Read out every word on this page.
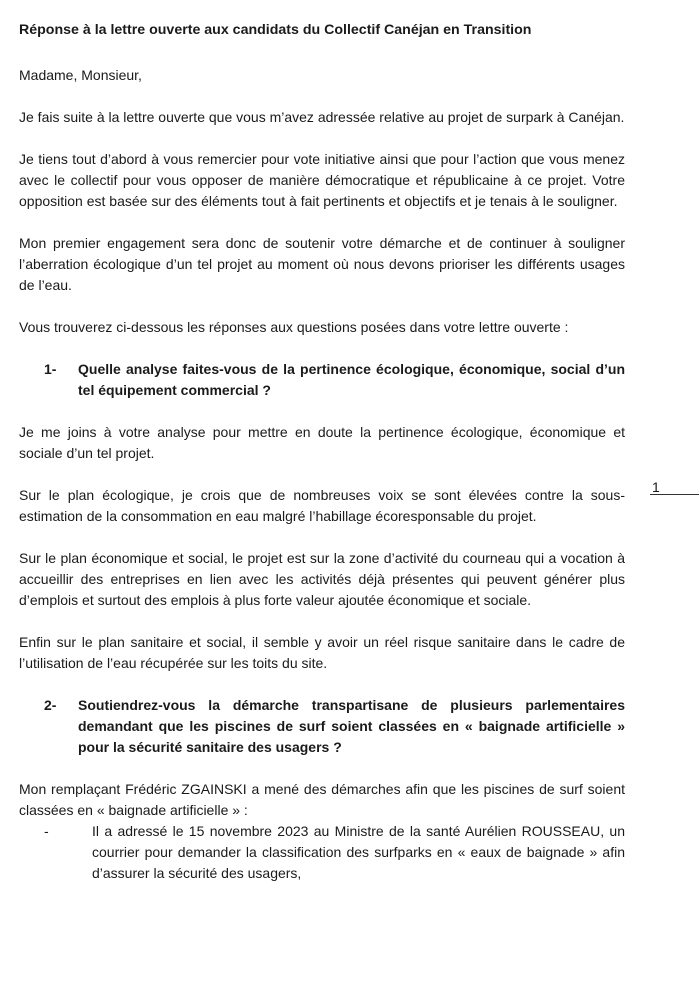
Réponse à la lettre ouverte aux candidats du Collectif Canéjan en Transition

Madame, Monsieur,

Je fais suite à la lettre ouverte que vous m’avez adressée relative au projet de surpark à Canéjan.

Je tiens tout d’abord à vous remercier pour vote initiative ainsi que pour l’action que vous menez avec le collectif pour vous opposer de manière démocratique et républicaine à ce projet. Votre opposition est basée sur des éléments tout à fait pertinents et objectifs et je tenais à le souligner.

Mon premier engagement sera donc de soutenir votre démarche et de continuer à souligner l’aberration écologique d’un tel projet au moment où nous devons prioriser les différents usages de l’eau.

Vous trouverez ci-dessous les réponses aux questions posées dans votre lettre ouverte :

1-	Quelle analyse faites-vous de la pertinence écologique, économique, social d’un tel équipement commercial ?

Je me joins à votre analyse pour mettre en doute la pertinence écologique, économique et sociale d’un tel projet.

Sur le plan écologique, je crois que de nombreuses voix se sont élevées contre la sous-estimation de la consommation en eau malgré l’habillage écoresponsable du projet.

Sur le plan économique et social, le projet est sur la zone d’activité du courneau qui a vocation à accueillir des entreprises en lien avec les activités déjà présentes qui peuvent générer plus d’emplois et surtout des emplois à plus forte valeur ajoutée économique et sociale.

Enfin sur le plan sanitaire et social, il semble y avoir un réel risque sanitaire dans le cadre de l’utilisation de l’eau récupérée sur les toits du site.

2-	Soutiendrez-vous la démarche transpartisane de plusieurs parlementaires demandant que les piscines de surf soient classées en « baignade artificielle » pour la sécurité sanitaire des usagers ?

Mon remplaçant Frédéric ZGAINSKI a mené des démarches afin que les piscines de surf soient classées en « baignade artificielle » :

-	Il a adressé le 15 novembre 2023 au Ministre de la santé Aurélien ROUSSEAU, un courrier pour demander la classification des surfparks en « eaux de baignade » afin d’assurer la sécurité des usagers,
1
